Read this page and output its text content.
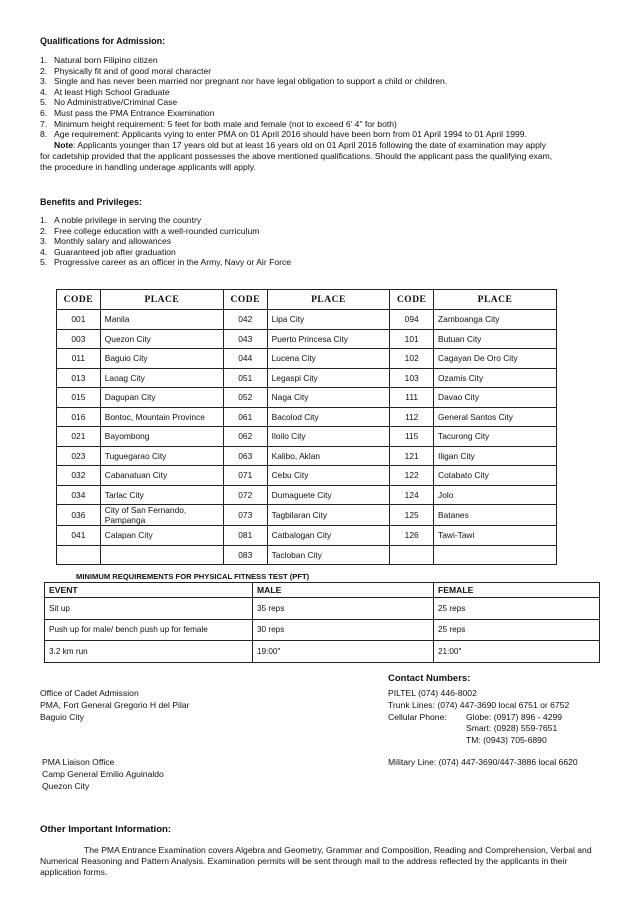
Qualifications for Admission:
1. Natural born Filipino citizen
2. Physically fit and of good moral character
3. Single and has never been married nor pregnant nor have legal obligation to support a child or children.
4. At least High School Graduate
5. No Administrative/Criminal Case
6. Must pass the PMA Entrance Examination
7. Minimum height requirement: 5 feet for both male and female (not to exceed 6' 4" for both)
8. Age requirement: Applicants vying to enter PMA on 01 April 2016 should have been born from 01 April 1994 to 01 April 1999.
Note: Applicants younger than 17 years old but at least 16 years old on 01 April 2016 following the date of examination may apply
for cadetship provided that the applicant possesses the above mentioned qualifications. Should the applicant pass the qualifying exam,
the procedure in handling underage applicants will apply.
Benefits and Privileges:
1. A noble privilege in serving the country
2. Free college education with a well-rounded curriculum
3. Monthly salary and allowances
4. Guaranteed job after graduation
5. Progressive career as an officer in the Army, Navy or Air Force
CODE	PLACE	CODE	PLACE	CODE	PLACE
001	Manila	042	Lipa City	094	Zamboanga City
003	Quezon City	043	Puerto Princesa City	101	Butuan City
011	Baguio City	044	Lucena City	102	Cagayan De Oro City
013	Laoag City	051	Legaspi City	103	Ozamis City
015	Dagupan City	052	Naga City	111	Davao City
016	Bontoc, Mountain Province	061	Bacolod City	112	General Santos City
021	Bayombong	062	Iloilo City	115	Tacurong City
023	Tuguegarao City	063	Kalibo, Aklan	121	Iligan City
032	Cabanatuan City	071	Cebu City	122	Cotabato City
034	Tarlac City	072	Dumaguete City	124	Jolo
036	City of San Fernando, Pampanga	073	Tagbilaran City	125	Batanes
041	Calapan City	081	Catbalogan City	126	Tawi-Tawi
		083	Tacloban City		
MINIMUM REQUIREMENTS FOR PHYSICAL FITNESS TEST (PFT)
EVENT	MALE	FEMALE
Sit up	35 reps	25 reps
Push up for male/ bench push up for female	30 reps	25 reps
3.2 km run	19:00"	21:00"
Contact Numbers:
Office of Cadet Admission
PMA, Fort General Gregorio H del Pilar
Baguio City
PILTEL (074) 446-8002
Trunk Lines: (074) 447-3690 local 6751 or 6752
Cellular Phone: Globe: (0917) 896 - 4299
Smart: (0928) 559-7651
TM: (0943) 705-6890
PMA Liaison Office
Camp General Emilio Aguinaldo
Quezon City
Military Line: (074) 447-3690/447-3886 local 6620
Other Important Information:
The PMA Entrance Examination covers Algebra and Geometry, Grammar and Composition, Reading and Comprehension, Verbal and Numerical Reasoning and Pattern Analysis. Examination permits will be sent through mail to the address reflected by the applicants in their application forms.
